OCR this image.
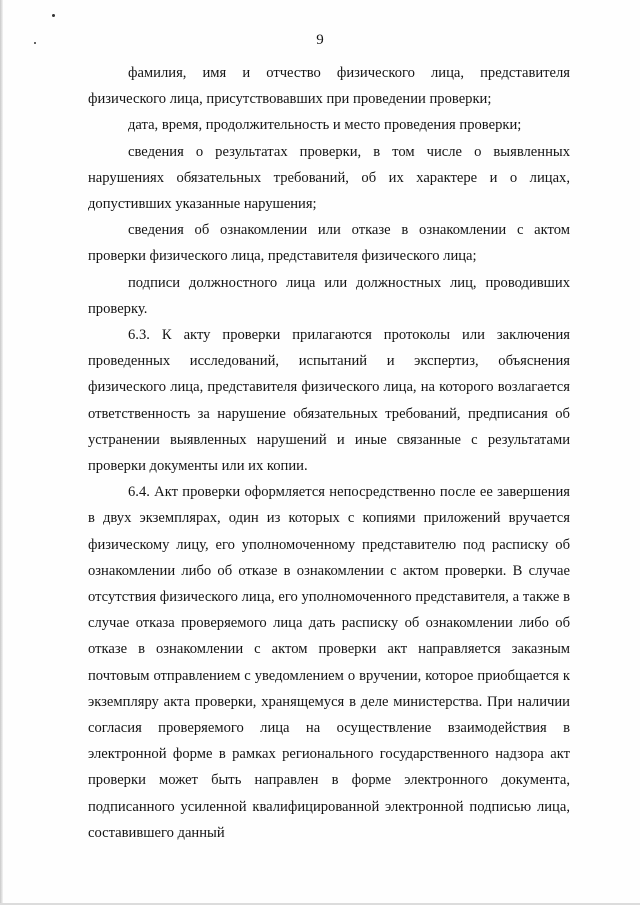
9

фамилия, имя и отчество физического лица, представителя физического лица, присутствовавших при проведении проверки;

дата, время, продолжительность и место проведения проверки;

сведения о результатах проверки, в том числе о выявленных нарушениях обязательных требований, об их характере и о лицах, допустивших указанные нарушения;

сведения об ознакомлении или отказе в ознакомлении с актом проверки физического лица, представителя физического лица;

подписи должностного лица или должностных лиц, проводивших проверку.

6.3. К акту проверки прилагаются протоколы или заключения проведенных исследований, испытаний и экспертиз, объяснения физического лица, представителя физического лица, на которого возлагается ответственность за нарушение обязательных требований, предписания об устранении выявленных нарушений и иные связанные с результатами проверки документы или их копии.

6.4. Акт проверки оформляется непосредственно после ее завершения в двух экземплярах, один из которых с копиями приложений вручается физическому лицу, его уполномоченному представителю под расписку об ознакомлении либо об отказе в ознакомлении с актом проверки. В случае отсутствия физического лица, его уполномоченного представителя, а также в случае отказа проверяемого лица дать расписку об ознакомлении либо об отказе в ознакомлении с актом проверки акт направляется заказным почтовым отправлением с уведомлением о вручении, которое приобщается к экземпляру акта проверки, хранящемуся в деле министерства. При наличии согласия проверяемого лица на осуществление взаимодействия в электронной форме в рамках регионального государственного надзора акт проверки может быть направлен в форме электронного документа, подписанного усиленной квалифицированной электронной подписью лица, составившего данный
